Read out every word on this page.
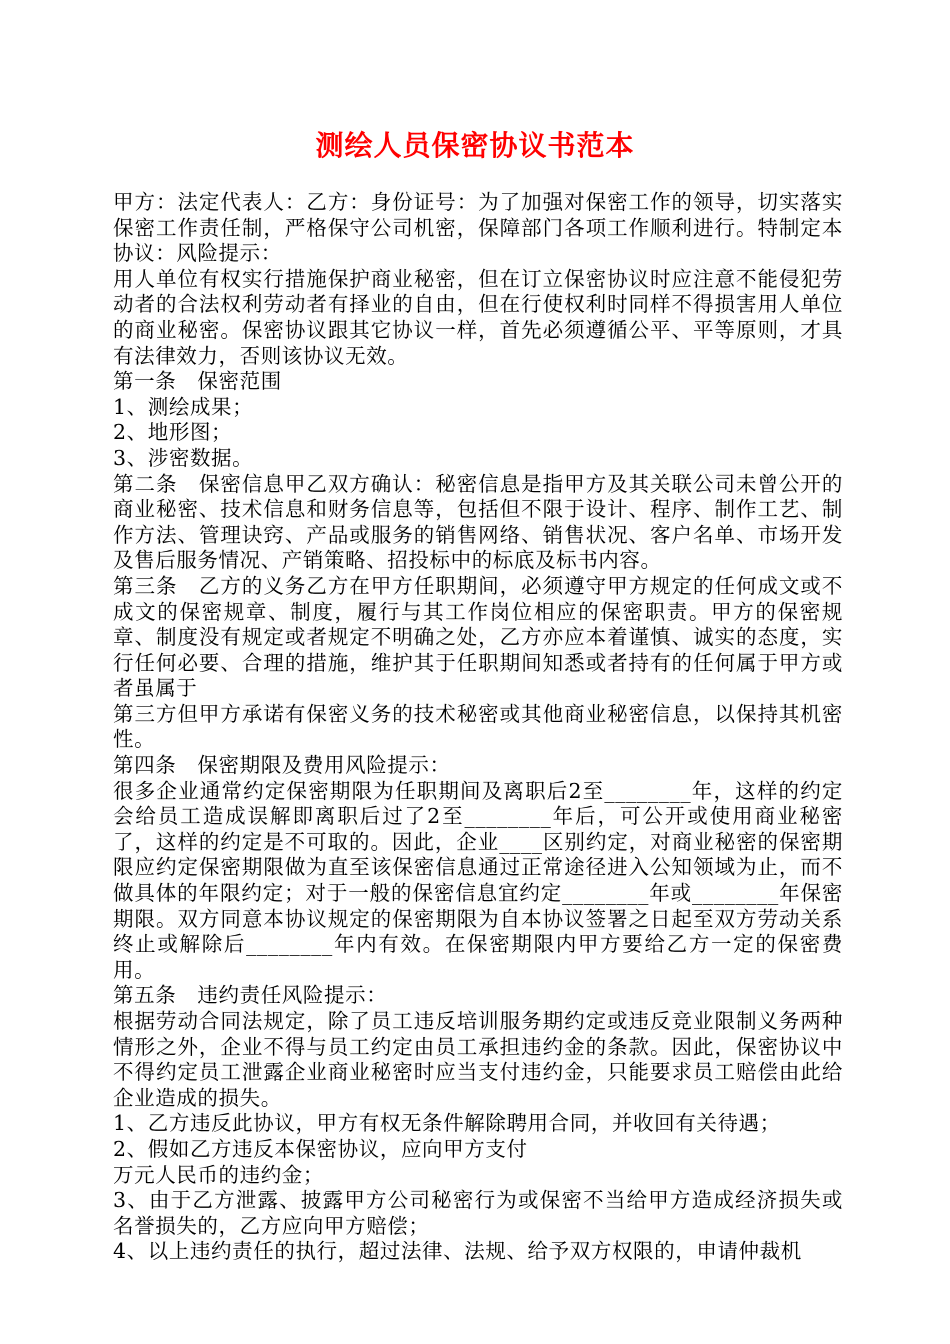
测绘人员保密协议书范本

甲方：法定代表人：乙方：身份证号：为了加强对保密工作的领导，切实落实保密工作责任制，严格保守公司机密，保障部门各项工作顺利进行。特制定本协议：风险提示：

用人单位有权实行措施保护商业秘密，但在订立保密协议时应注意不能侵犯劳动者的合法权利劳动者有择业的自由，但在行使权利时同样不得损害用人单位的商业秘密。保密协议跟其它协议一样，首先必须遵循公平、平等原则，才具有法律效力，否则该协议无效。

第一条　保密范围

1、测绘成果；

2、地形图；

3、涉密数据。

第二条　保密信息甲乙双方确认：秘密信息是指甲方及其关联公司未曾公开的商业秘密、技术信息和财务信息等，包括但不限于设计、程序、制作工艺、制作方法、管理诀窍、产品或服务的销售网络、销售状况、客户名单、市场开发及售后服务情况、产销策略、招投标中的标底及标书内容。

第三条　乙方的义务乙方在甲方任职期间，必须遵守甲方规定的任何成文或不成文的保密规章、制度，履行与其工作岗位相应的保密职责。甲方的保密规章、制度没有规定或者规定不明确之处，乙方亦应本着谨慎、诚实的态度，实行任何必要、合理的措施，维护其于任职期间知悉或者持有的任何属于甲方或者虽属于

第三方但甲方承诺有保密义务的技术秘密或其他商业秘密信息，以保持其机密性。

第四条　保密期限及费用风险提示：

很多企业通常约定保密期限为任职期间及离职后2至________年，这样的约定会给员工造成误解即离职后过了2至________年后，可公开或使用商业秘密了，这样的约定是不可取的。因此，企业____区别约定，对商业秘密的保密期限应约定保密期限做为直至该保密信息通过正常途径进入公知领域为止，而不做具体的年限约定；对于一般的保密信息宜约定________年或________年保密期限。双方同意本协议规定的保密期限为自本协议签署之日起至双方劳动关系终止或解除后________年内有效。在保密期限内甲方要给乙方一定的保密费用。

第五条　违约责任风险提示：

根据劳动合同法规定，除了员工违反培训服务期约定或违反竞业限制义务两种情形之外，企业不得与员工约定由员工承担违约金的条款。因此，保密协议中不得约定员工泄露企业商业秘密时应当支付违约金，只能要求员工赔偿由此给企业造成的损失。

1、乙方违反此协议，甲方有权无条件解除聘用合同，并收回有关待遇；

2、假如乙方违反本保密协议，应向甲方支付

万元人民币的违约金；

3、由于乙方泄露、披露甲方公司秘密行为或保密不当给甲方造成经济损失或名誉损失的，乙方应向甲方赔偿；

4、以上违约责任的执行，超过法律、法规、给予双方权限的，申请仲裁机
